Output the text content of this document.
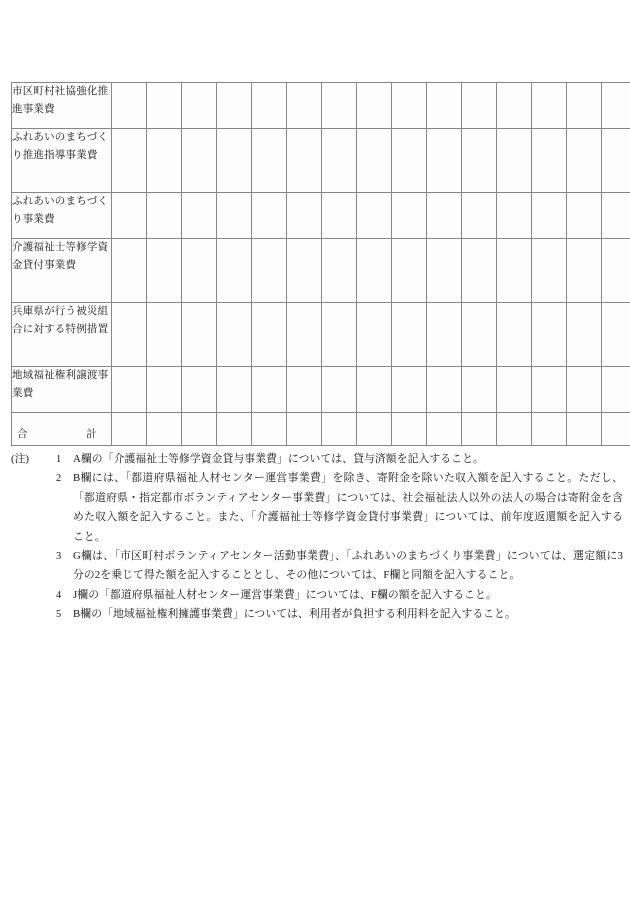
市区町村社協強化推進事業費															
ふれあいのまちづくり推進指導事業費															
ふれあいのまちづくり事業費															
介護福祉士等修学資金貸付事業費															
兵庫県が行う被災組合に対する特例措置															
地域福祉権利譲渡事業費															

合 計															

(注)	1	A欄の「介護福祉士等修学資金貸与事業費」については、貸与済額を記入すること。
2	B欄には、「都道府県福祉人材センター運営事業費」を除き、寄附金を除いた収入額を記入すること。ただし、「都道府県・指定都市ボランティアセンター事業費」については、社会福祉法人以外の法人の場合は寄附金を含めた収入額を記入すること。また、「介護福祉士等修学資金貸付事業費」については、前年度返還額を記入すること。
3	G欄は、「市区町村ボランティアセンター活動事業費」、「ふれあいのまちづくり事業費」については、選定額に3分の2を乗じて得た額を記入することとし、その他については、F欄と同額を記入すること。
4	J欄の「都道府県福祉人材センター運営事業費」については、F欄の額を記入すること。
5	B欄の「地域福祉権利擁護事業費」については、利用者が負担する利用料を記入すること。
